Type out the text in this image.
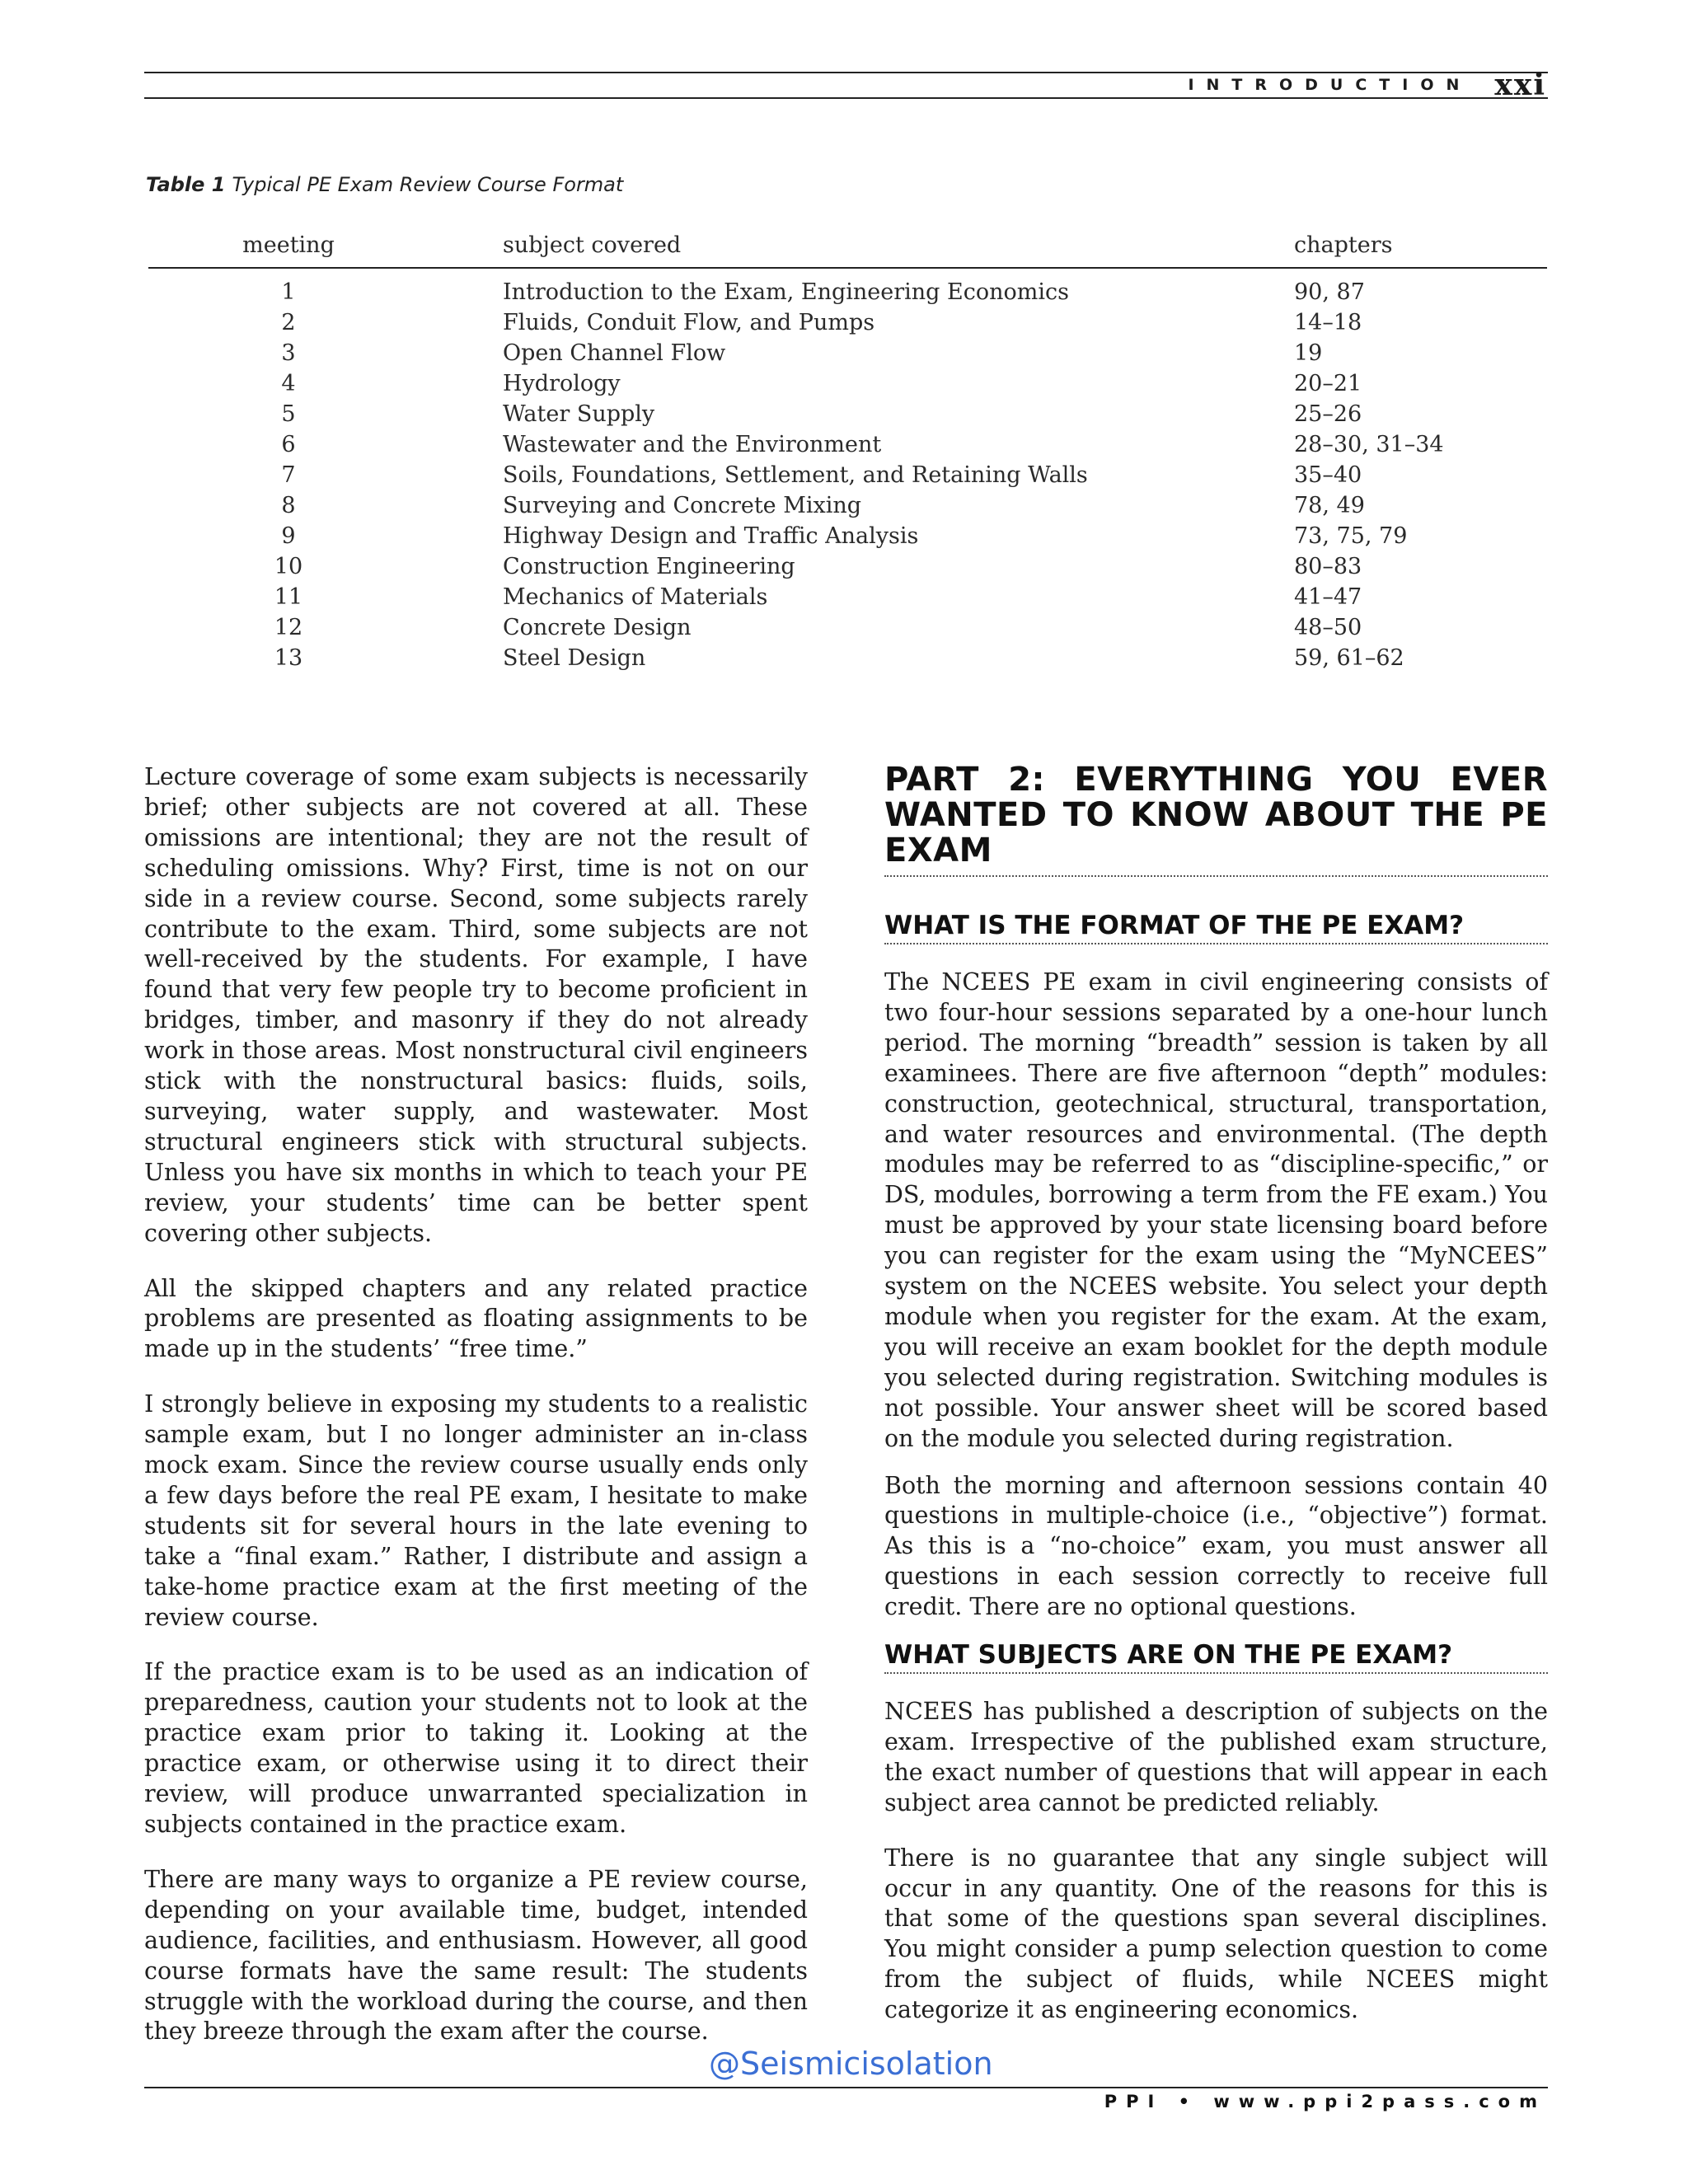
INTRODUCTION xxi
Table 1 Typical PE Exam Review Course Format
meeting	subject covered	chapters
1	Introduction to the Exam, Engineering Economics	90, 87
2	Fluids, Conduit Flow, and Pumps	14–18
3	Open Channel Flow	19
4	Hydrology	20–21
5	Water Supply	25–26
6	Wastewater and the Environment	28–30, 31–34
7	Soils, Foundations, Settlement, and Retaining Walls	35–40
8	Surveying and Concrete Mixing	78, 49
9	Highway Design and Traffic Analysis	73, 75, 79
10	Construction Engineering	80–83
11	Mechanics of Materials	41–47
12	Concrete Design	48–50
13	Steel Design	59, 61–62

Lecture coverage of some exam subjects is necessarily brief; other subjects are not covered at all. These omissions are intentional; they are not the result of scheduling omissions. Why? First, time is not on our side in a review course. Second, some subjects rarely contribute to the exam. Third, some subjects are not well-received by the students. For example, I have found that very few people try to become proficient in bridges, timber, and masonry if they do not already work in those areas. Most nonstructural civil engineers stick with the nonstructural basics: fluids, soils, surveying, water supply, and wastewater. Most structural engineers stick with structural subjects. Unless you have six months in which to teach your PE review, your students’ time can be better spent covering other subjects.

All the skipped chapters and any related practice problems are presented as floating assignments to be made up in the students’ “free time.”

I strongly believe in exposing my students to a realistic sample exam, but I no longer administer an in-class mock exam. Since the review course usually ends only a few days before the real PE exam, I hesitate to make students sit for several hours in the late evening to take a “final exam.” Rather, I distribute and assign a take-home practice exam at the first meeting of the review course.

If the practice exam is to be used as an indication of preparedness, caution your students not to look at the practice exam prior to taking it. Looking at the practice exam, or otherwise using it to direct their review, will produce unwarranted specialization in subjects contained in the practice exam.

There are many ways to organize a PE review course, depending on your available time, budget, intended audience, facilities, and enthusiasm. However, all good course formats have the same result: The students struggle with the workload during the course, and then they breeze through the exam after the course.

PART 2: EVERYTHING YOU EVER WANTED TO KNOW ABOUT THE PE EXAM
WHAT IS THE FORMAT OF THE PE EXAM?

The NCEES PE exam in civil engineering consists of two four-hour sessions separated by a one-hour lunch period. The morning “breadth” session is taken by all examinees. There are five afternoon “depth” modules: construction, geotechnical, structural, transportation, and water resources and environmental. (The depth modules may be referred to as “discipline-specific,” or DS, modules, borrowing a term from the FE exam.) You must be approved by your state licensing board before you can register for the exam using the “MyNCEES” system on the NCEES website. You select your depth module when you register for the exam. At the exam, you will receive an exam booklet for the depth module you selected during registration. Switching modules is not possible. Your answer sheet will be scored based on the module you selected during registration.

Both the morning and afternoon sessions contain 40 questions in multiple-choice (i.e., “objective”) format. As this is a “no-choice” exam, you must answer all questions in each session correctly to receive full credit. There are no optional questions.

WHAT SUBJECTS ARE ON THE PE EXAM?

NCEES has published a description of subjects on the exam. Irrespective of the published exam structure, the exact number of questions that will appear in each subject area cannot be predicted reliably.

There is no guarantee that any single subject will occur in any quantity. One of the reasons for this is that some of the questions span several disciplines. You might consider a pump selection question to come from the subject of fluids, while NCEES might categorize it as engineering economics.

@Seismicisolation
PPI • www.ppi2pass.com
